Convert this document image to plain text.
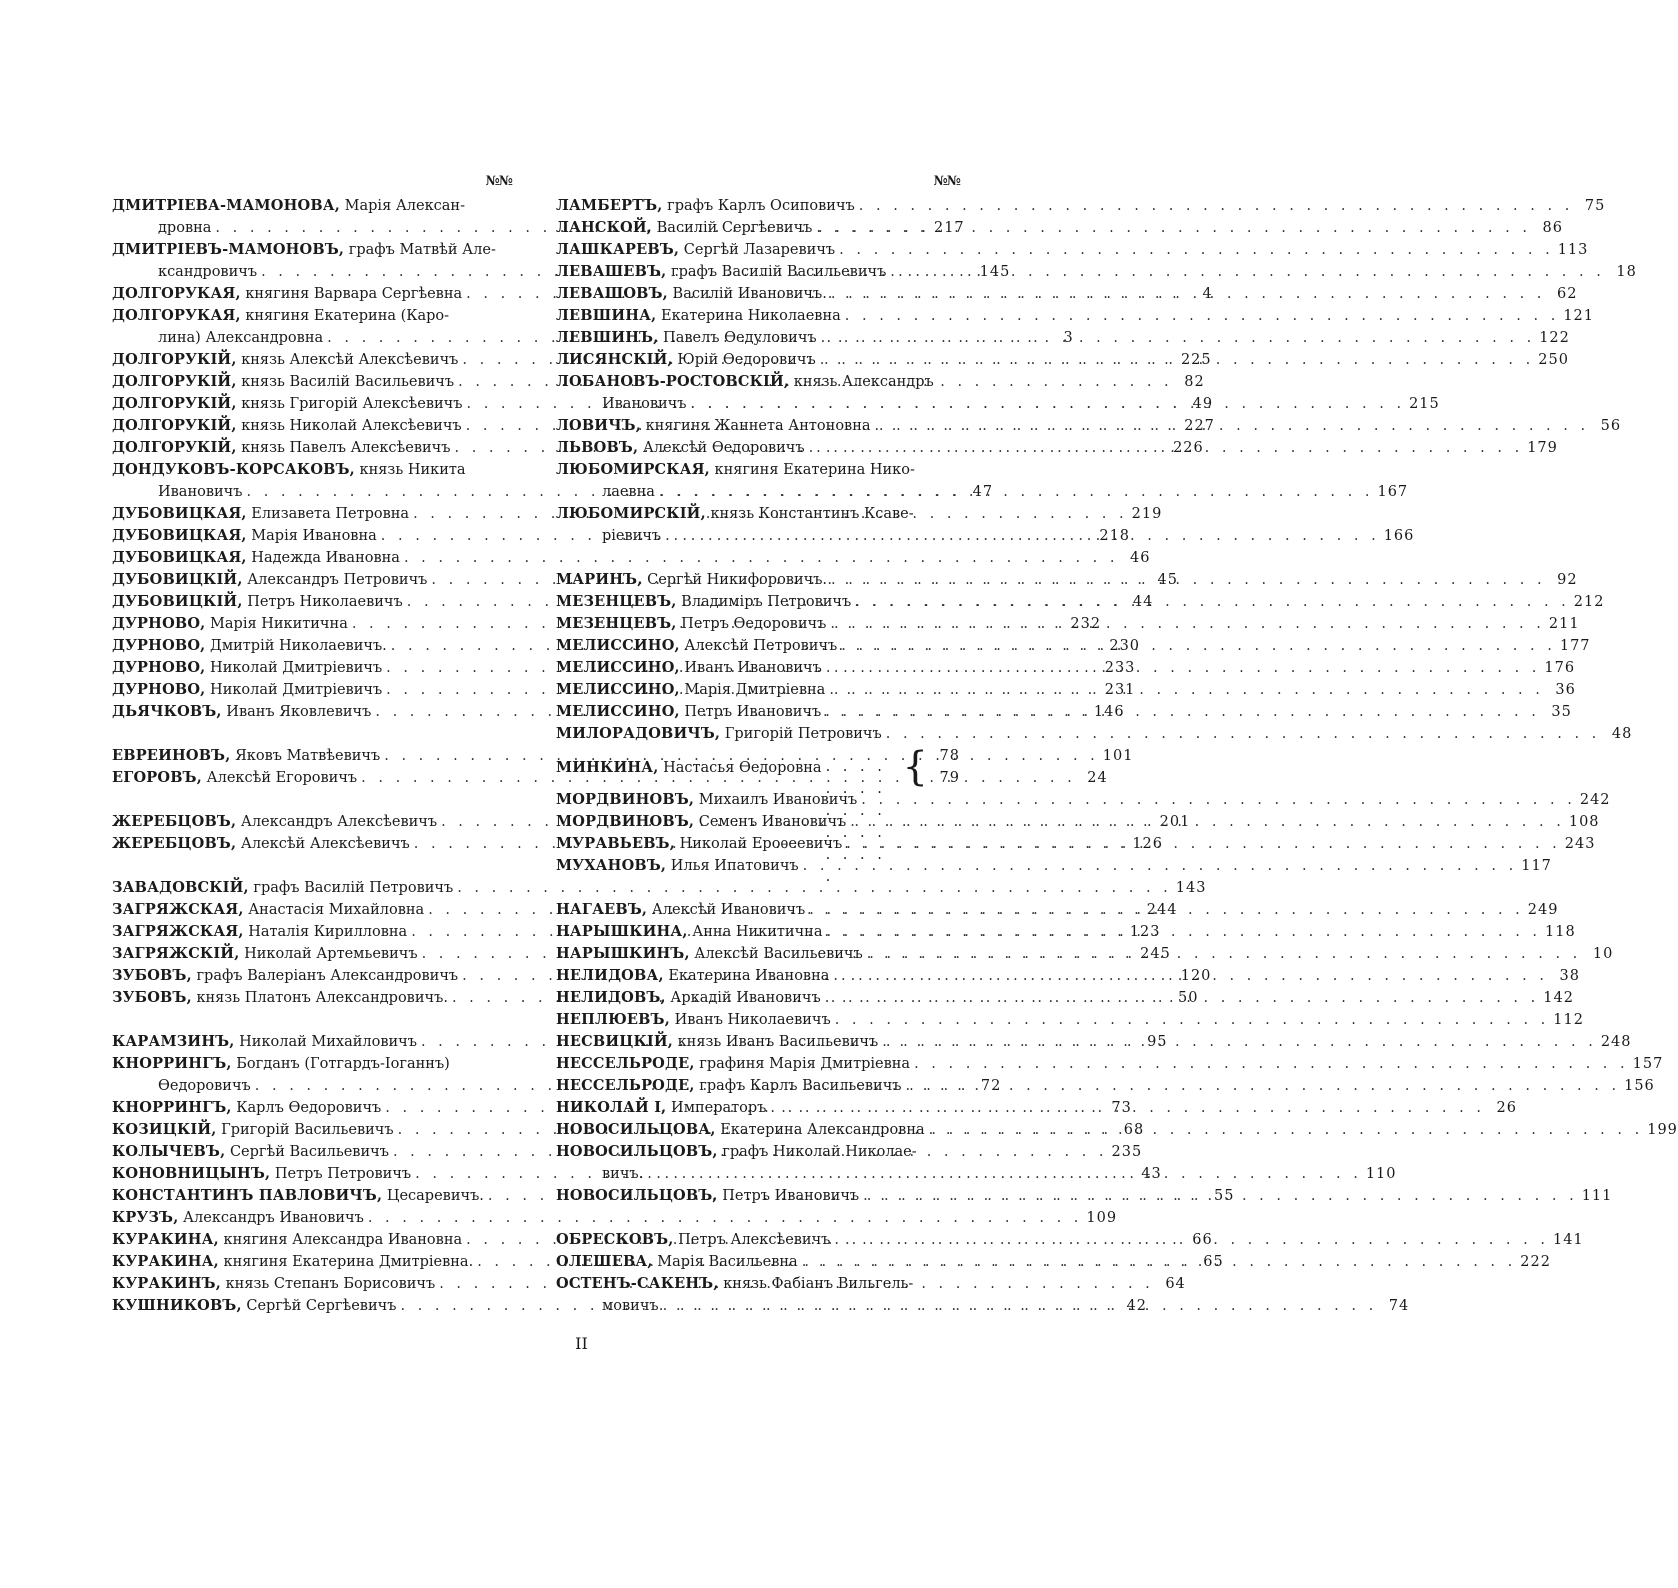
№№
ДМИТРІЕВА-МАМОНОВА, Марія Алексан-
дровна . . .	217
ДМИТРІЕВЪ-МАМОНОВЪ, графъ Матвѣй Але-
ксандровичъ . . .	145
ДОЛГОРУКАЯ, княгиня Варвара Сергѣевна . . .	4
ДОЛГОРУКАЯ, княгиня Екатерина (Каро-
лина) Александровна . . .	3
ДОЛГОРУКІЙ, князь Алексѣй Алексѣевичъ . . .	225
ДОЛГОРУКІЙ, князь Василій Васильевичъ . . .	82
ДОЛГОРУКІЙ, князь Григорій Алексѣевичъ . . .	49
ДОЛГОРУКІЙ, князь Николай Алексѣевичъ . . .	227
ДОЛГОРУКІЙ, князь Павелъ Алексѣевичъ . . .	226
ДОНДУКОВЪ-КОРСАКОВЪ, князь Никита
Ивановичъ . . .	47
ДУБОВИЦКАЯ, Елизавета Петровна . . .	219
ДУБОВИЦКАЯ, Марія Ивановна . . .	218
ДУБОВИЦКАЯ, Надежда Ивановна . . .	46
ДУБОВИЦКІЙ, Александръ Петровичъ . . .	45
ДУБОВИЦКІЙ, Петръ Николаевичъ . . .	44
ДУРНОВО, Марія Никитична . . .	232
ДУРНОВО, Дмитрій Николаевичъ. . . .	230
ДУРНОВО, Николай Дмитріевичъ . . .	233
ДУРНОВО, Николай Дмитріевичъ . . .	231
ДЬЯЧКОВЪ, Иванъ Яковлевичъ . . .	146
ЕВРЕИНОВЪ, Яковъ Матвѣевичъ . . .	101
ЕГОРОВЪ, Алексѣй Егоровичъ . . .	24
ЖЕРЕБЦОВЪ, Александръ Алексѣевичъ . . .	201
ЖЕРЕБЦОВЪ, Алексѣй Алексѣевичъ . . .	126
ЗАВАДОВСКІЙ, графъ Василій Петровичъ . . .	143
ЗАГРЯЖСКАЯ, Анастасія Михайловна . . .	244
ЗАГРЯЖСКАЯ, Наталія Кирилловна . . .	123
ЗАГРЯЖСКІЙ, Николай Артемьевичъ . . .	245
ЗУБОВЪ, графъ Валеріанъ Александровичъ . . .	120
ЗУБОВЪ, князь Платонъ Александровичъ. . . .	50
КАРАМЗИНЪ, Николай Михайловичъ . . .	95
КНОРРИНГЪ, Богданъ (Готгардъ-Іоганнъ)
Ѳедоровичъ . . .	72
КНОРРИНГЪ, Карлъ Ѳедоровичъ . . .	73
КОЗИЦКІЙ, Григорій Васильевичъ . . .	68
КОЛЫЧЕВЪ, Сергѣй Васильевичъ . . .	235
КОНОВНИЦЫНЪ, Петръ Петровичъ . . .	43
КОНСТАНТИНЪ ПАВЛОВИЧЪ, Цесаревичъ. . . .	55
КРУЗЪ, Александръ Ивановичъ . . .	109
КУРАКИНА, княгиня Александра Ивановна . . .	66
КУРАКИНА, княгиня Екатерина Дмитріевна. . . .	65
КУРАКИНЪ, князь Степанъ Борисовичъ . . .	64
КУШНИКОВЪ, Сергѣй Сергѣевичъ . . .	42
№№
ЛАМБЕРТЪ, графъ Карлъ Осиповичъ . . .	75
ЛАНСКОЙ, Василій Сергѣевичъ . . .	86
ЛАШКАРЕВЪ, Сергѣй Лазаревичъ . . .	113
ЛЕВАШЕВЪ, графъ Василій Васильевичъ . . .	18
ЛЕВАШОВЪ, Василій Ивановичъ. . . .	62
ЛЕВШИНА, Екатерина Николаевна . . .	121
ЛЕВШИНЪ, Павелъ Ѳедуловичъ . . .	122
ЛИСЯНСКІЙ, Юрій Ѳедоровичъ . . .	250
ЛОБАНОВЪ-РОСТОВСКІЙ, князь Александръ
Ивановичъ . . .	215
ЛОВИЧЪ, княгиня Жаннета Антоновна . . .	56
ЛЬВОВЪ, Алексѣй Ѳедоровичъ . . .	179
ЛЮБОМИРСКАЯ, княгиня Екатерина Нико-
лаевна . . .	167
ЛЮБОМИРСКІЙ, князь Константинъ Ксаве-
ріевичъ . . .	166
МАРИНЪ, Сергѣй Никифоровичъ. . . .	92
МЕЗЕНЦЕВЪ, Владиміръ Петровичъ . . .	212
МЕЗЕНЦЕВЪ, Петръ Ѳедоровичъ . . .	211
МЕЛИССИНО, Алексѣй Петровичъ . . .	177
МЕЛИССИНО, Иванъ Ивановичъ . . .	176
МЕЛИССИНО, Марія Дмитріевна . . .	36
МЕЛИССИНО, Петръ Ивановичъ . . .	35
МИЛОРАДОВИЧЪ, Григорій Петровичъ . . .	48
МИНКИНА, Настасья Ѳедоровна . . . { 78
79
МОРДВИНОВЪ, Михаилъ Ивановичъ . . .	242
МОРДВИНОВЪ, Семенъ Ивановичъ . . .	108
МУРАВЬЕВЪ, Николай Ероѳеевичъ . . .	243
МУХАНОВЪ, Илья Ипатовичъ . . .	117
НАГАЕВЪ, Алексѣй Ивановичъ . . .	249
НАРЫШКИНА, Анна Никитична . . .	118
НАРЫШКИНЪ, Алексѣй Васильевичъ . . .	10
НЕЛИДОВА, Екатерина Ивановна . . .	38
НЕЛИДОВЪ, Аркадій Ивановичъ . . .	142
НЕПЛЮЕВЪ, Иванъ Николаевичъ . . .	112
НЕСВИЦКІЙ, князь Иванъ Васильевичъ . . .	248
НЕССЕЛЬРОДЕ, графиня Марія Дмитріевна . . .	157
НЕССЕЛЬРОДЕ, графъ Карлъ Васильевичъ . . .	156
НИКОЛАЙ I, Императоръ . . .	26
НОВОСИЛЬЦОВА, Екатерина Александровна . . .	199
НОВОСИЛЬЦОВЪ, графъ Николай Николае-
вичъ. . . .	110
НОВОСИЛЬЦОВЪ, Петръ Ивановичъ . . .	111
ОБРЕСКОВЪ, Петръ Алексѣевичъ . . .	141
ОЛЕШЕВА, Марія Васильевна . . .	222
ОСТЕНЪ-САКЕНЪ, князь Фабіанъ Вильгель-
мовичъ . . .	74
II
